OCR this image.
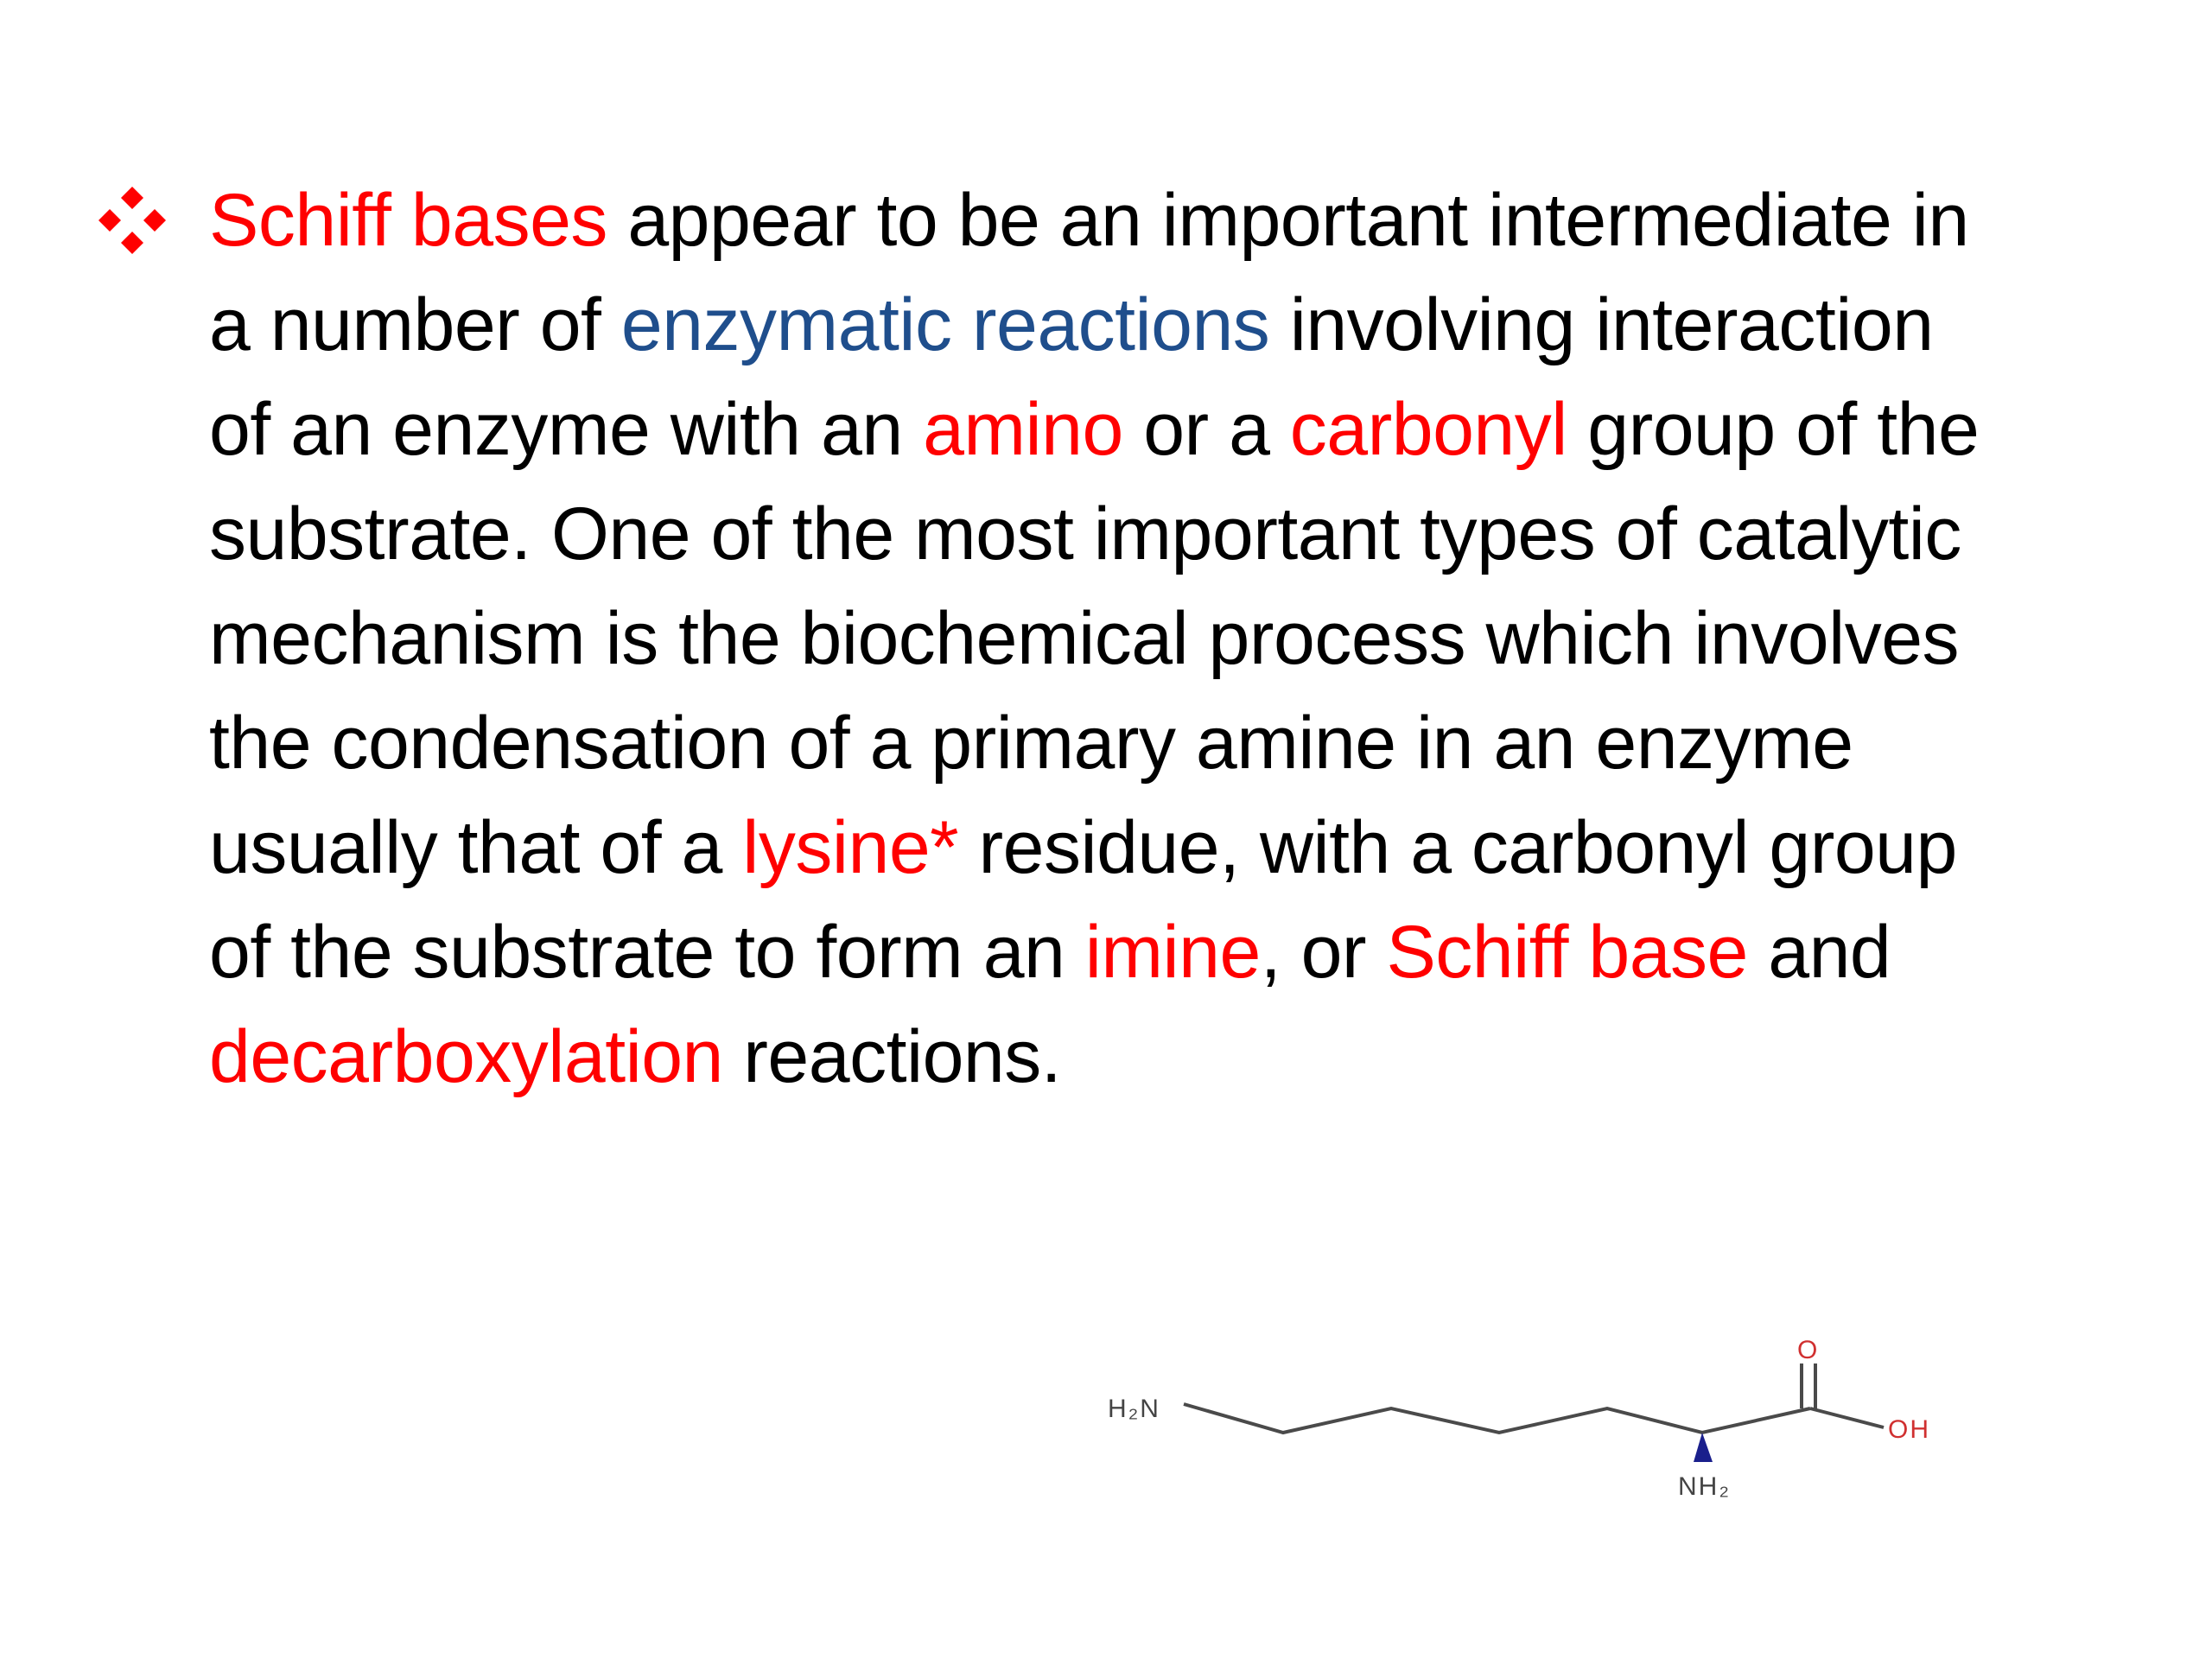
Schiff bases appear to be an important intermediate in a number of enzymatic reactions involving interaction of an enzyme with an amino or a carbonyl group of the substrate. One of the most important types of catalytic mechanism is the biochemical process which involves the condensation of a primary amine in an enzyme usually that of a lysine* residue, with a carbonyl group of the substrate to form an imine, or Schiff base and decarboxylation reactions.

H₂N
NH₂
O
OH
